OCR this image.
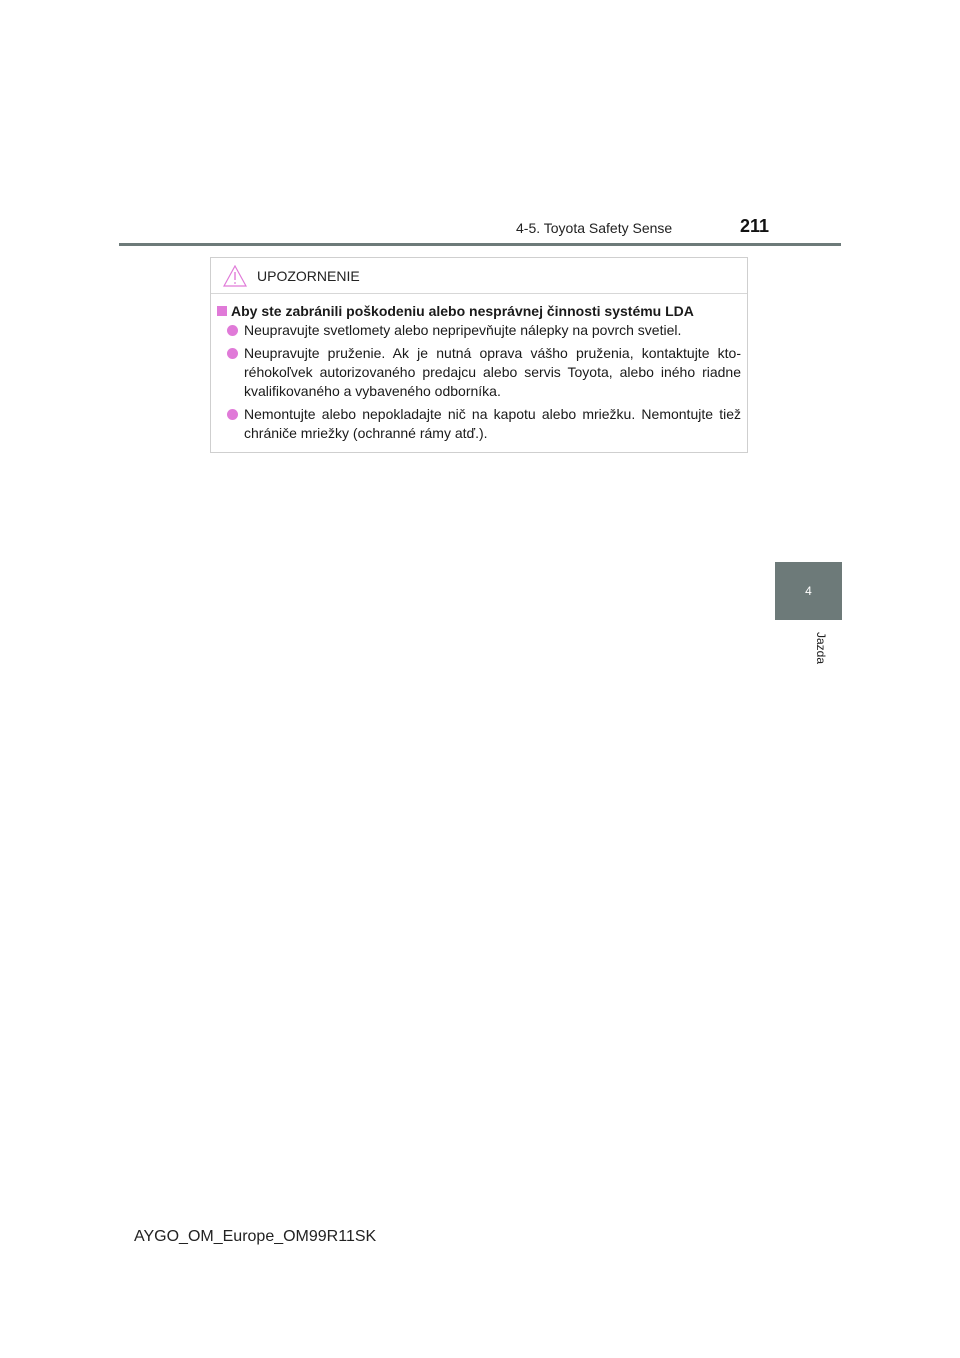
4-5. Toyota Safety Sense	211
4
Jazda
UPOZORNENIE
Aby ste zabránili poškodeniu alebo nesprávnej činnosti systému LDA
Neupravujte svetlomety alebo nepripevňujte nálepky na povrch svetiel.
Neupravujte pruženie. Ak je nutná oprava vášho pruženia, kontaktujte kto-réhokoľvek autorizovaného predajcu alebo servis Toyota, alebo iného riadne kvalifikovaného a vybaveného odborníka.
Nemontujte alebo nepokladajte nič na kapotu alebo mriežku. Nemontujte tiež chrániče mriežky (ochranné rámy atď.).
AYGO_OM_Europe_OM99R11SK
